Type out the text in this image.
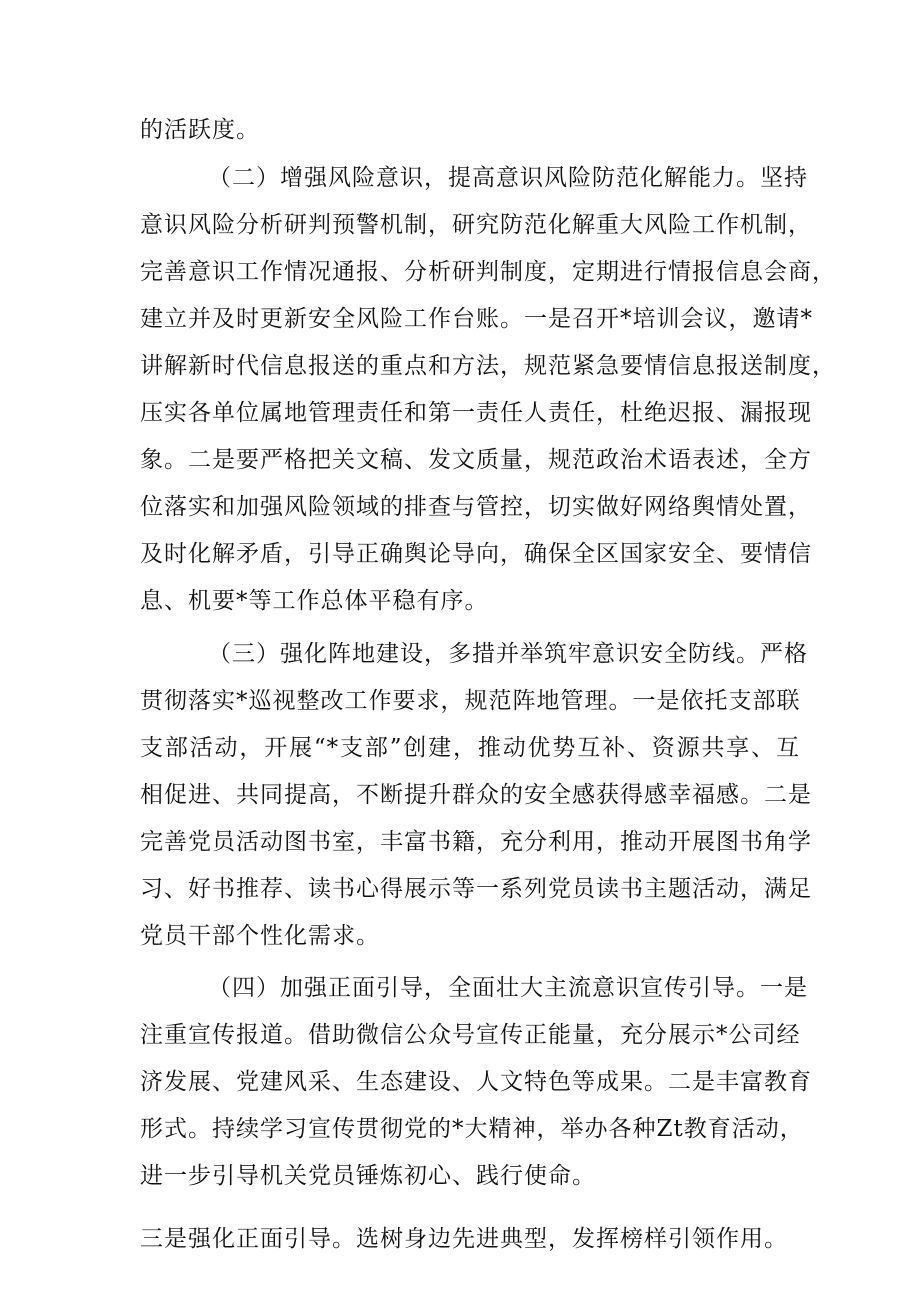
的活跃度。

（二）增强风险意识，提高意识风险防范化解能力。坚持

意识风险分析研判预警机制，研究防范化解重大风险工作机制，

完善意识工作情况通报、分析研判制度，定期进行情报信息会商，

建立并及时更新安全风险工作台账。一是召开*培训会议，邀请*

讲解新时代信息报送的重点和方法，规范紧急要情信息报送制度，

压实各单位属地管理责任和第一责任人责任，杜绝迟报、漏报现

象。二是要严格把关文稿、发文质量，规范政治术语表述，全方

位落实和加强风险领域的排查与管控，切实做好网络舆情处置，

及时化解矛盾，引导正确舆论导向，确保全区国家安全、要情信

息、机要*等工作总体平稳有序。

（三）强化阵地建设，多措并举筑牢意识安全防线。严格

贯彻落实*巡视整改工作要求，规范阵地管理。一是依托支部联

支部活动，开展“*支部”创建，推动优势互补、资源共享、互

相促进、共同提高，不断提升群众的安全感获得感幸福感。二是

完善党员活动图书室，丰富书籍，充分利用，推动开展图书角学

习、好书推荐、读书心得展示等一系列党员读书主题活动，满足

党员干部个性化需求。

（四）加强正面引导，全面壮大主流意识宣传引导。一是

注重宣传报道。借助微信公众号宣传正能量，充分展示*公司经

济发展、党建风采、生态建设、人文特色等成果。二是丰富教育

形式。持续学习宣传贯彻党的*大精神，举办各种Zt教育活动，

进一步引导机关党员锤炼初心、践行使命。

三是强化正面引导。选树身边先进典型，发挥榜样引领作用。
